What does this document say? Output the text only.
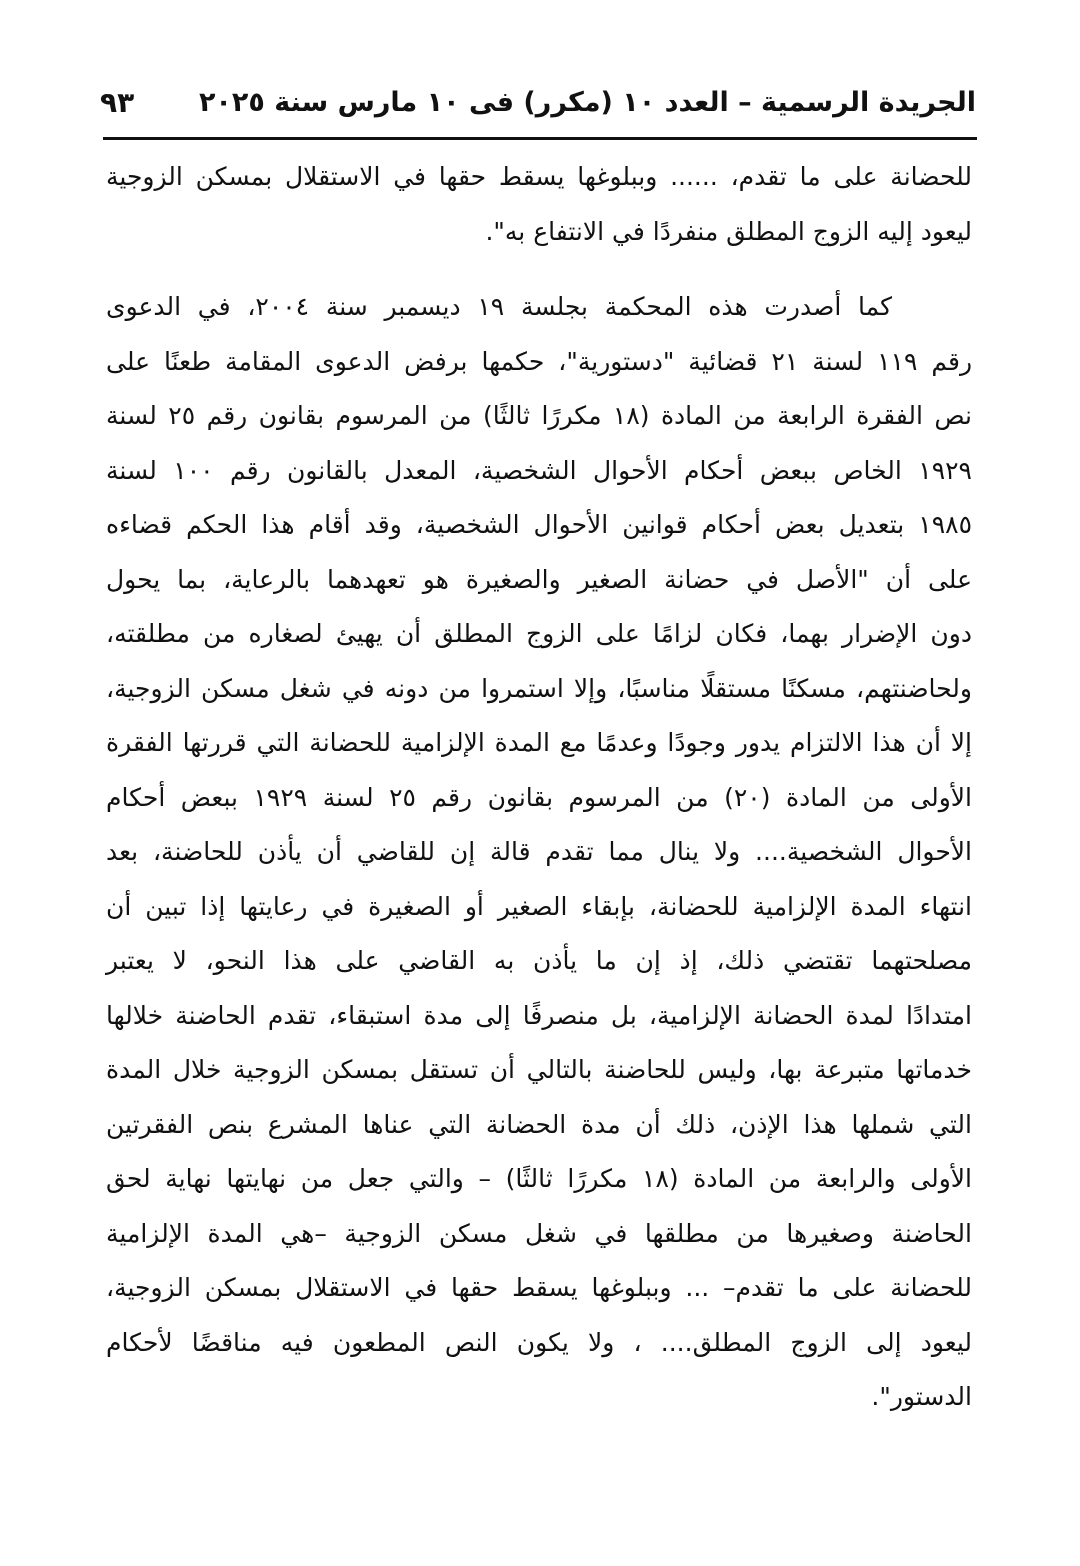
الجريدة الرسمية – العدد ١٠ (مكرر) فى ١٠ مارس سنة ٢٠٢٥
٩٣
للحضانة على ما تقدم، ...... وببلوغها يسقط حقها في الاستقلال بمسكن الزوجية
ليعود إليه الزوج المطلق منفردًا في الانتفاع به".
كما أصدرت هذه المحكمة بجلسة ١٩ ديسمبر سنة ٢٠٠٤، في الدعوى
رقم ١١٩ لسنة ٢١ قضائية "دستورية"، حكمها برفض الدعوى المقامة طعنًا على
نص الفقرة الرابعة من المادة (١٨ مكررًا ثالثًا) من المرسوم بقانون رقم ٢٥ لسنة
١٩٢٩ الخاص ببعض أحكام الأحوال الشخصية، المعدل بالقانون رقم ١٠٠ لسنة
١٩٨٥ بتعديل بعض أحكام قوانين الأحوال الشخصية، وقد أقام هذا الحكم قضاءه
على أن "الأصل في حضانة الصغير والصغيرة هو تعهدهما بالرعاية، بما يحول
دون الإضرار بهما، فكان لزامًا على الزوج المطلق أن يهيئ لصغاره من مطلقته،
ولحاضنتهم، مسكنًا مستقلًا مناسبًا، وإلا استمروا من دونه في شغل مسكن الزوجية،
إلا أن هذا الالتزام يدور وجودًا وعدمًا مع المدة الإلزامية للحضانة التي قررتها الفقرة
الأولى من المادة (٢٠) من المرسوم بقانون رقم ٢٥ لسنة ١٩٢٩ ببعض أحكام
الأحوال الشخصية.... ولا ينال مما تقدم قالة إن للقاضي أن يأذن للحاضنة، بعد
انتهاء المدة الإلزامية للحضانة، بإبقاء الصغير أو الصغيرة في رعايتها إذا تبين أن
مصلحتهما تقتضي ذلك، إذ إن ما يأذن به القاضي على هذا النحو، لا يعتبر
امتدادًا لمدة الحضانة الإلزامية، بل منصرفًا إلى مدة استبقاء، تقدم الحاضنة خلالها
خدماتها متبرعة بها، وليس للحاضنة بالتالي أن تستقل بمسكن الزوجية خلال المدة
التي شملها هذا الإذن، ذلك أن مدة الحضانة التي عناها المشرع بنص الفقرتين
الأولى والرابعة من المادة (١٨ مكررًا ثالثًا) – والتي جعل من نهايتها نهاية لحق
الحاضنة وصغيرها من مطلقها في شغل مسكن الزوجية –هي المدة الإلزامية
للحضانة على ما تقدم– ... وببلوغها يسقط حقها في الاستقلال بمسكن الزوجية،
ليعود إلى الزوج المطلق.... ، ولا يكون النص المطعون فيه مناقضًا لأحكام
الدستور".
